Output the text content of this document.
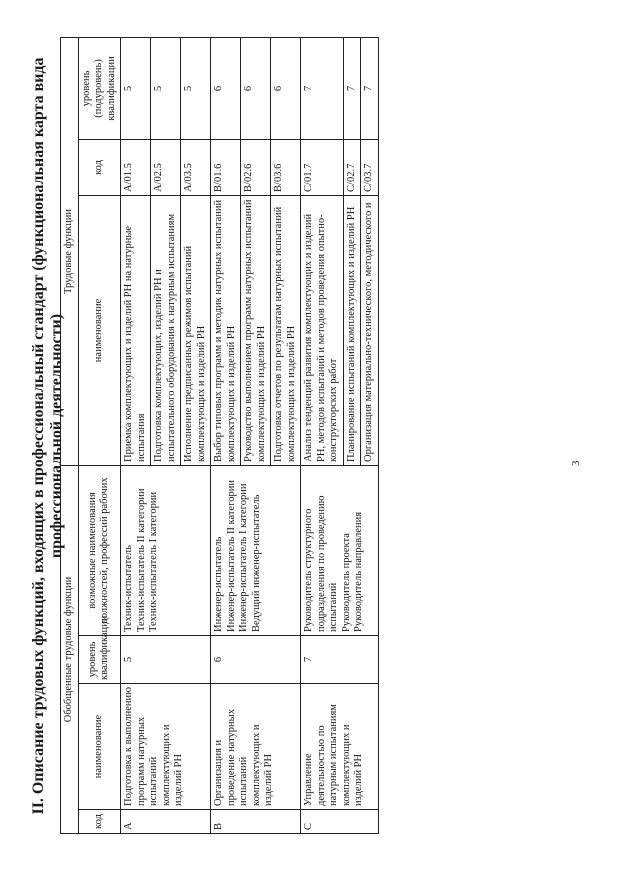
3
II. Описание трудовых функций, входящих в профессиональный стандарт (функциональная карта вида профессиональной деятельности)
Обобщенные трудовые функции				Трудовые функции		
код	наименование	уровень квалификации	возможные наименования должностей, профессий рабочих	наименование	код	уровень (подуровень) квалификации
A	Подготовка к выполнению программ натурных испытаний комплектующих и изделий РН	5	Техник-испытатель Техник-испытатель II категории Техник-испытатель I категории	Приемка комплектующих и изделий РН на натурные испытания	A/01.5	5
				Подготовка комплектующих, изделий РН и испытательного оборудования к натурным испытаниям	A/02.5	5
				Исполнение предписанных режимов испытаний комплектующих и изделий РН	A/03.5	5
B	Организация и проведение натурных испытаний комплектующих и изделий РН	6	Инженер-испытатель Инженер-испытатель II категории Инженер-испытатель I категории Ведущий инженер-испытатель	Выбор типовых программ и методик натурных испытаний комплектующих и изделий РН	B/01.6	6
				Руководство выполнением программ натурных испытаний комплектующих и изделий РН	B/02.6	6
				Подготовка отчетов по результатам натурных испытаний комплектующих и изделий РН	B/03.6	6
C	Управление деятельностью по натурным испытаниям комплектующих и изделий РН	7	Руководитель структурного подразделения по проведению испытаний Руководитель проекта Руководитель направления	Анализ тенденций развития комплектующих и изделий РН, методов испытаний и методов проведения опытно-конструкторских работ	C/01.7	7
				Планирование испытаний комплектующих и изделий РН	C/02.7	7
				Организация материально-технического, методического и	C/03.7	7
